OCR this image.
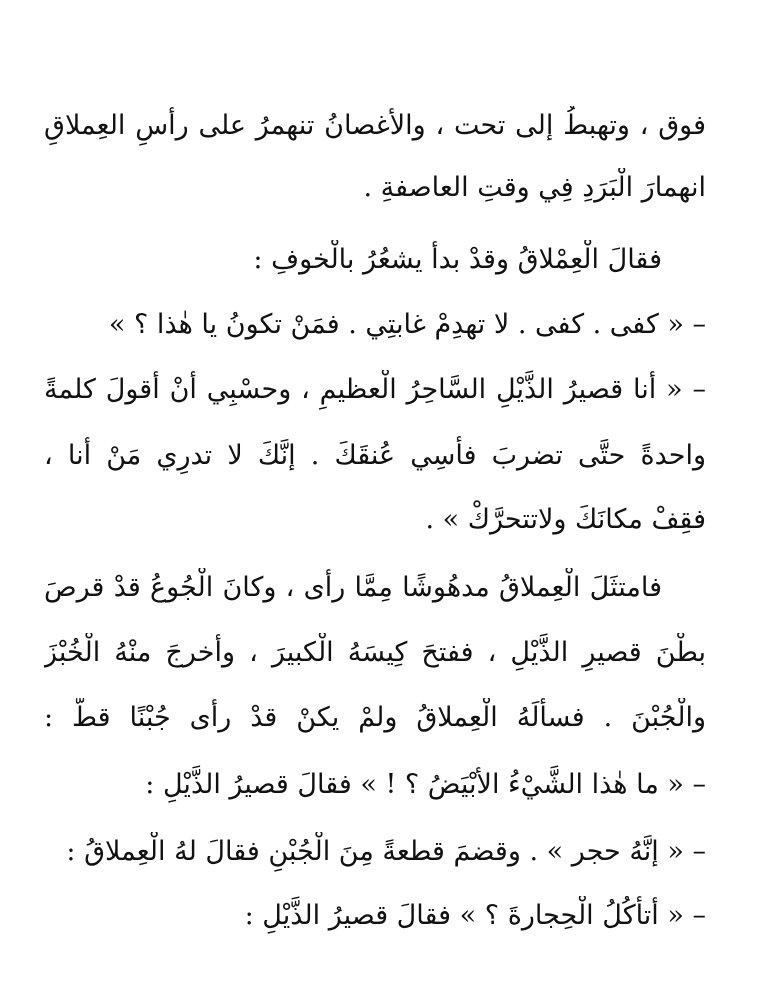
فوق ، وتهبطُ إلى تحت ، والأغصانُ تنهمرُ على رأسِ العِملاقِ
انهمارَ الْبَرَدِ فِي وقتِ العاصفةِ .
فقالَ الْعِمْلاقُ وقدْ بدأَ يشعُرُ بالْخوفِ :
– « كفى . كفى . لا تهدِمْ غابتِي . فمَنْ تكونُ يا هٰذا ؟ »
– « أنا قصيرُ الذَّيْلِ السَّاحِرُ الْعظيمِ ، وحسْبِي أنْ أقولَ كلمةً
واحدةً حتَّى تضربَ فأسِي عُنقَكَ . إنَّكَ لا تدرِي مَنْ أنا ،
فقِفْ مكانَكَ ولاتتحرَّكْ » .
فامتثَلَ الْعِملاقُ مدهُوشًا مِمَّا رأى ، وكانَ الْجُوعُ قدْ قرصَ
بطْنَ قصيرِ الذَّيْلِ ، ففتحَ كِيسَهُ الْكبيرَ ، وأخرجَ منْهُ الْخُبْزَ
والْجُبْنَ . فسألَهُ الْعِملاقُ ولمْ يكنْ قدْ رأى جُبْنًا قطّ :
– « ما هٰذا الشَّيْءُ الأبْيَضُ ؟ ! » فقالَ قصيرُ الذَّيْلِ :
– « إنَّهُ حجر » . وقضمَ قطعةً مِنَ الْجُبْنِ فقالَ لهُ الْعِملاقُ :
– « أتأكُلُ الْحِجارةَ ؟ » فقالَ قصيرُ الذَّيْلِ :
